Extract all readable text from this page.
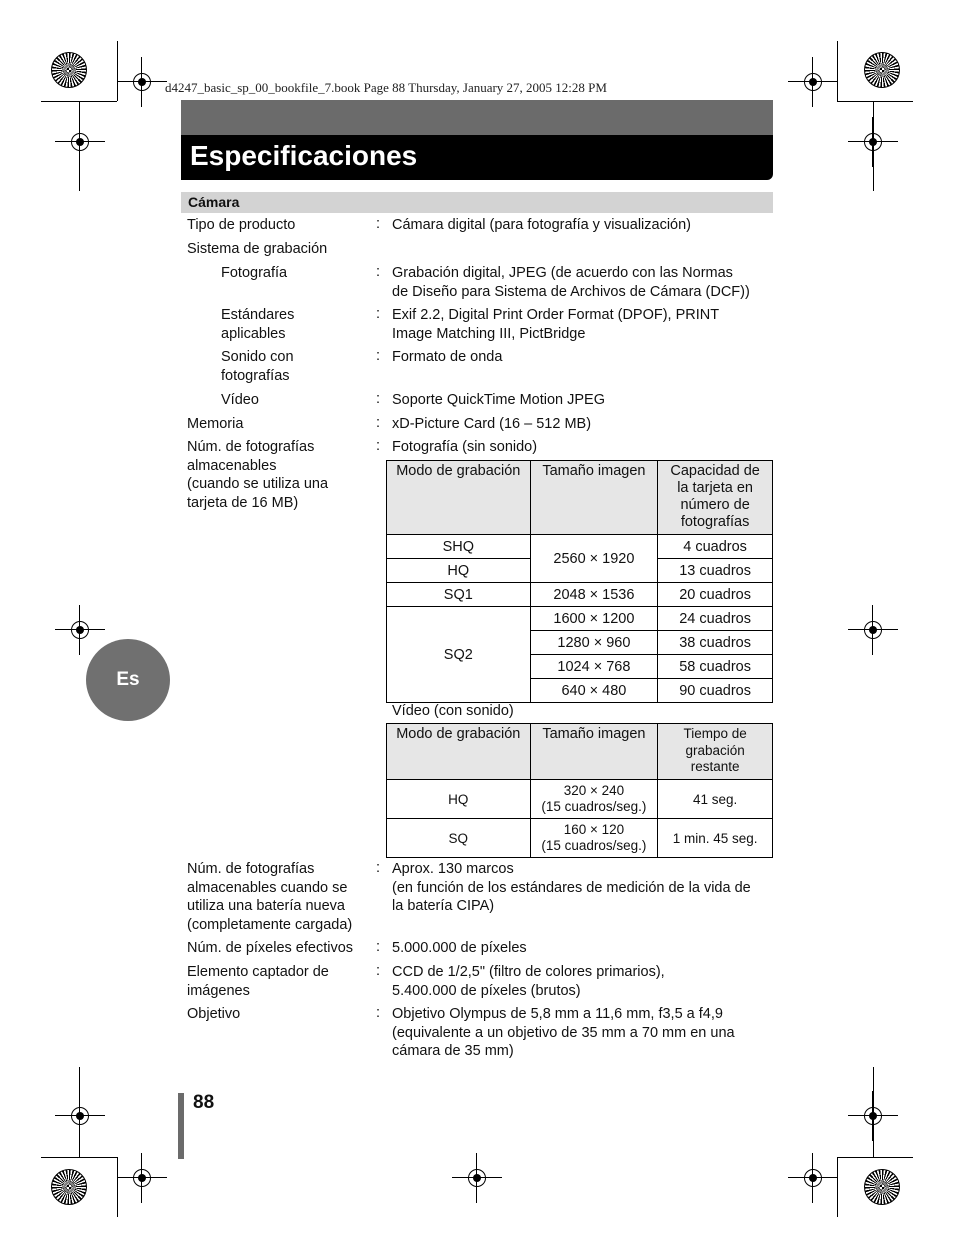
d4247_basic_sp_00_bookfile_7.book Page 88 Thursday, January 27, 2005 12:28 PM
Especificaciones
Cámara
Es
Tipo de producto	: Cámara digital (para fotografía y visualización)
Sistema de grabación
Fotografía	: Grabación digital, JPEG (de acuerdo con las Normas
de Diseño para Sistema de Archivos de Cámara (DCF))
Estándares
aplicables
: Exif 2.2, Digital Print Order Format (DPOF), PRINT
Image Matching III, PictBridge
Sonido con
fotografías
: Formato de onda
Vídeo	: Soporte QuickTime Motion JPEG
Memoria	: xD-Picture Card (16 – 512 MB)
Núm. de fotografías
almacenables
(cuando se utiliza una
tarjeta de 16 MB)
: Fotografía (sin sonido)
Modo de grabación	Tamaño imagen	Capacidad de
la tarjeta en
número de
fotografías

SHQ	2560 × 1920	4 cuadros
HQ		13 cuadros
SQ1	2048 × 1536	20 cuadros
SQ2	1600 × 1200	24 cuadros
	1280 × 960	38 cuadros
	1024 × 768	58 cuadros
	640 × 480	90 cuadros
Vídeo (con sonido)
Modo de grabación	Tamaño imagen	Tiempo de
grabación
restante

HQ	320 × 240
(15 cuadros/seg.)	41 seg.
SQ	160 × 120
(15 cuadros/seg.)	1 min. 45 seg.
Núm. de fotografías
almacenables cuando se
utiliza una batería nueva
(completamente cargada)
: Aprox. 130 marcos
(en función de los estándares de medición de la vida de
la batería CIPA)
Núm. de píxeles efectivos : 5.000.000 de píxeles
Elemento captador de
imágenes
: CCD de 1/2,5" (filtro de colores primarios),
5.400.000 de píxeles (brutos)
Objetivo	: Objetivo Olympus de 5,8 mm a 11,6 mm, f3,5 a f4,9
(equivalente a un objetivo de 35 mm a 70 mm en una
cámara de 35 mm)
88
